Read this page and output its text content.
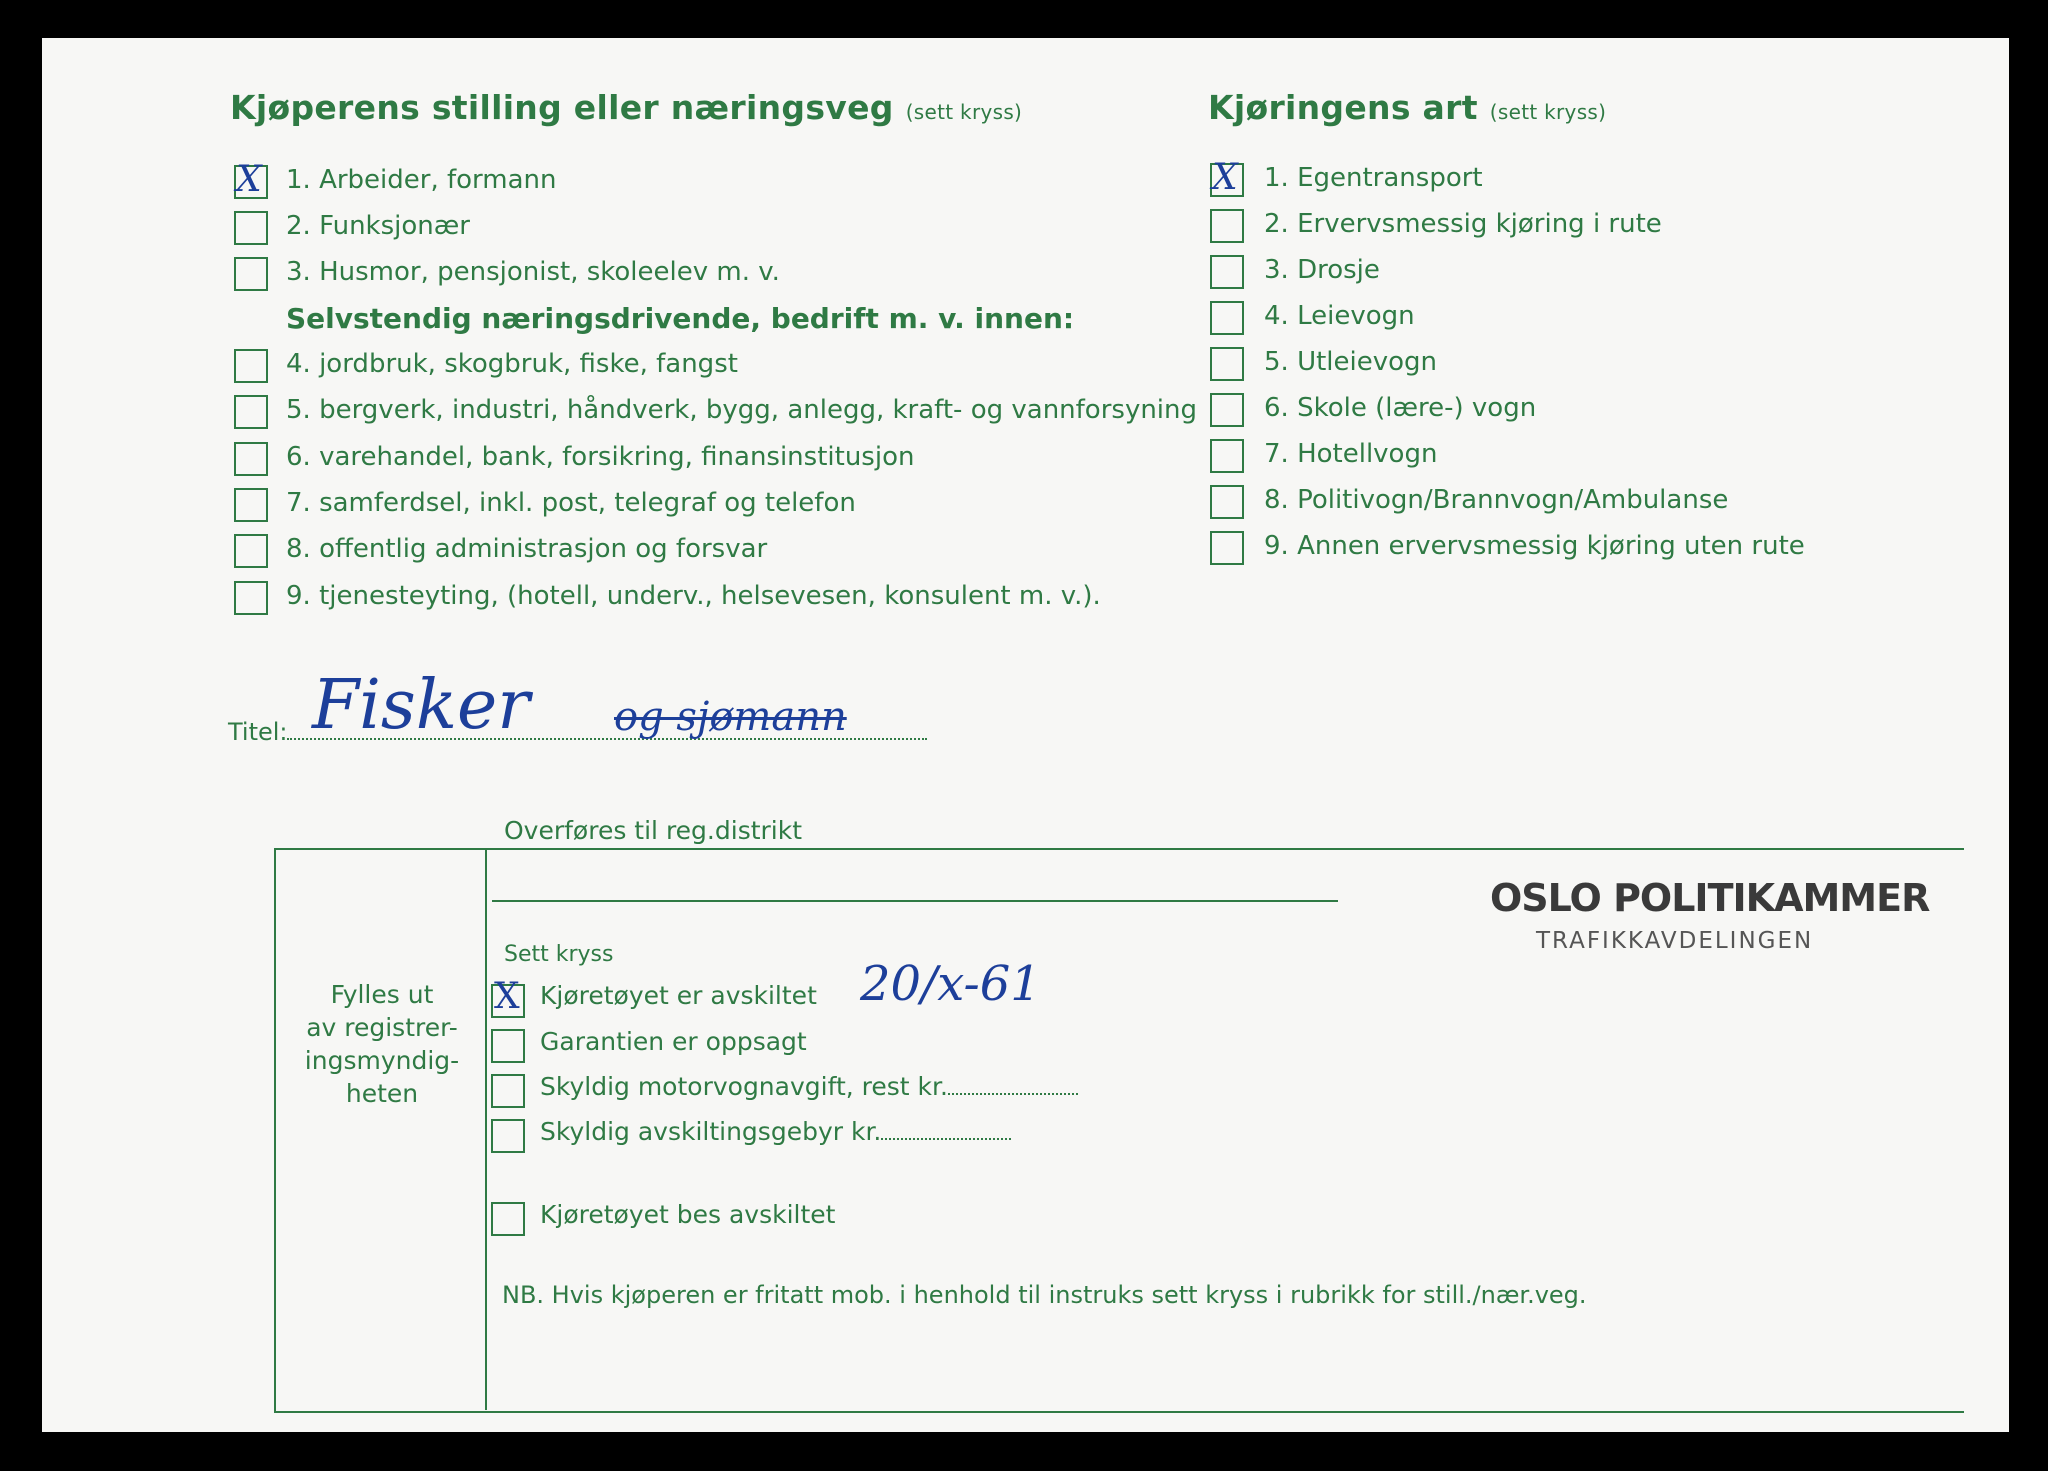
Kjøperens stilling eller næringsveg (sett kryss)
X 1. Arbeider, formann
2. Funksjonær
3. Husmor, pensjonist, skoleelev m. v.
Selvstendig næringsdrivende, bedrift m. v. innen:
4. jordbruk, skogbruk, fiske, fangst
5. bergverk, industri, håndverk, bygg, anlegg, kraft- og vannforsyning
6. varehandel, bank, forsikring, finansinstitusjon
7. samferdsel, inkl. post, telegraf og telefon
8. offentlig administrasjon og forsvar
9. tjenesteyting, (hotell, underv., helsevesen, konsulent m. v.).
Kjøringens art (sett kryss)
X 1. Egentransport
2. Ervervsmessig kjøring i rute
3. Drosje
4. Leievogn
5. Utleievogn
6. Skole (lære-) vogn
7. Hotellvogn
8. Politivogn/Brannvogn/Ambulanse
9. Annen ervervsmessig kjøring uten rute
Titel: Fisker og sjømann
Fylles ut
av registrer-
ingsmyndig-
heten
Overføres til reg.distrikt
Sett kryss
X Kjøretøyet er avskiltet 20/x-61
Garantien er oppsagt
Skyldig motorvognavgift, rest kr.
Skyldig avskiltingsgebyr kr.
Kjøretøyet bes avskiltet
NB. Hvis kjøperen er fritatt mob. i henhold til instruks sett kryss i rubrikk for still./nær.veg.
OSLO POLITIKAMMER
TRAFIKKAVDELINGEN
